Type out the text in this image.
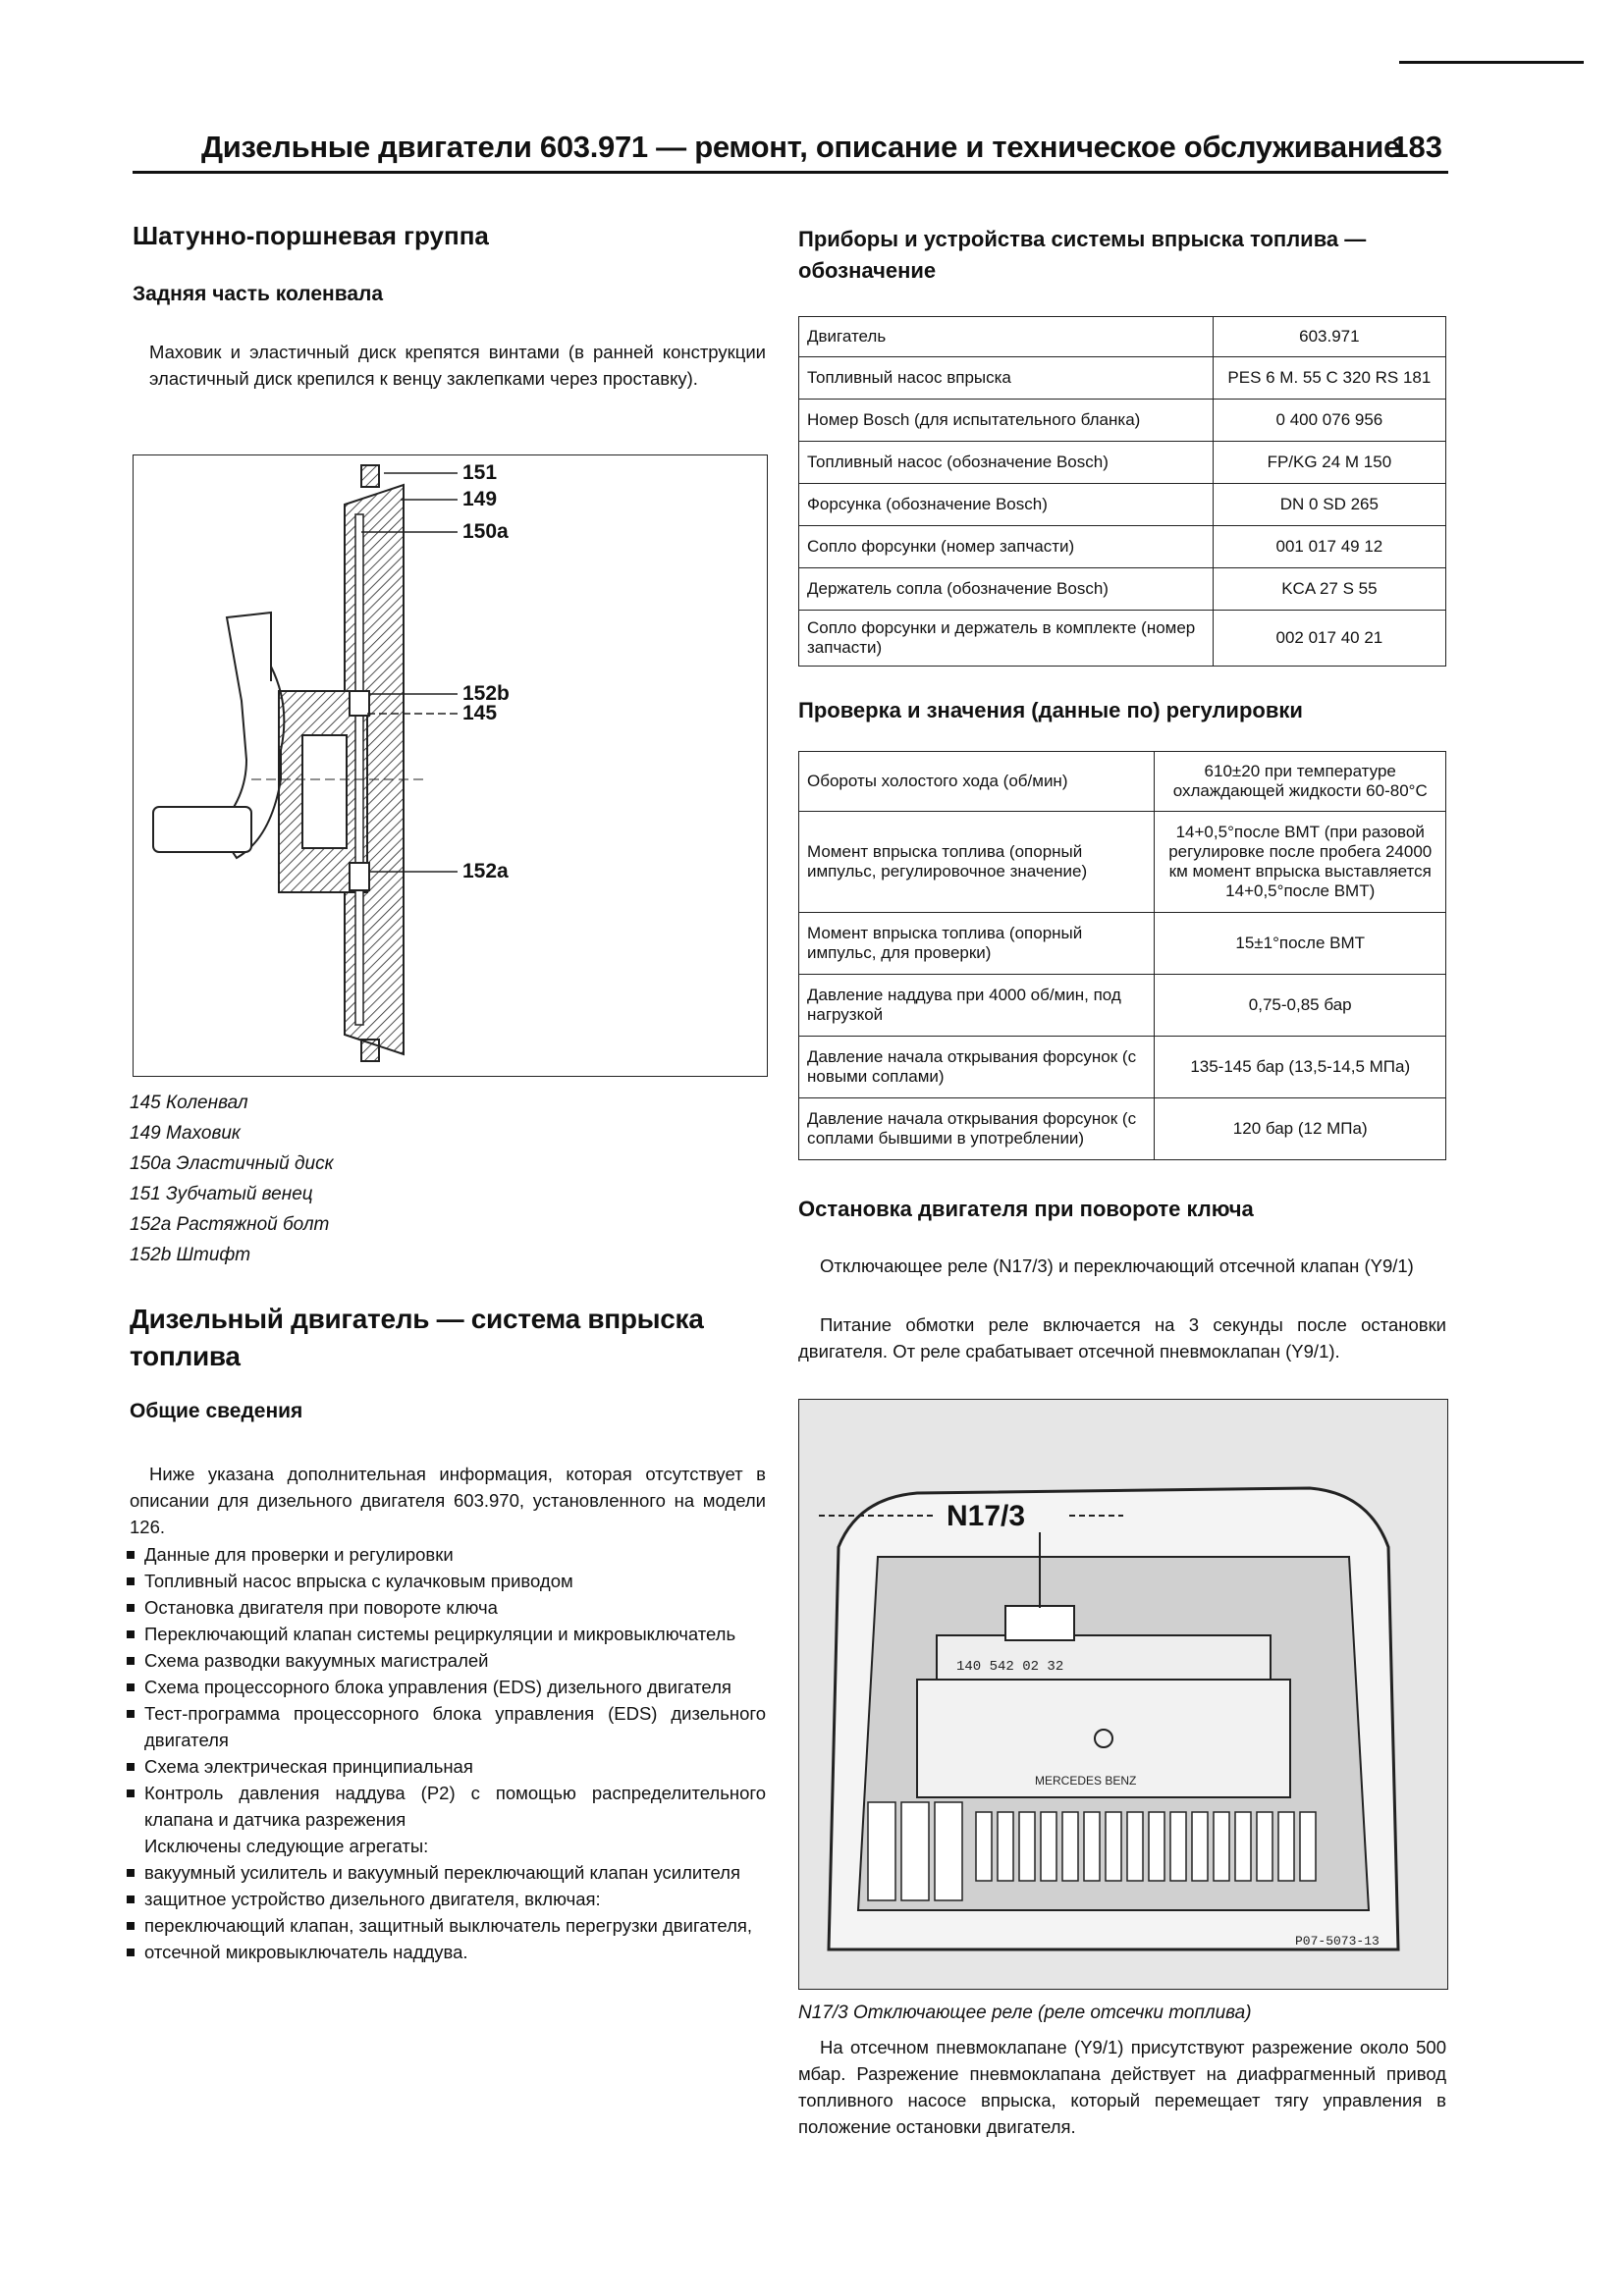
Дизельные двигатели 603.971 — ремонт, описание и техническое обслуживание
183
Шатунно-поршневая группа
Задняя часть коленвала
Маховик и эластичный диск крепятся винтами (в ранней конструкции эластичный диск крепился к венцу заклепками через проставку).
151
149
150a
152b
145
152a
145 Коленвал
149 Маховик
150a Эластичный диск
151 Зубчатый венец
152a Растяжной болт
152b Штифт
Дизельный двигатель — система впрыска топлива
Общие сведения
Ниже указана дополнительная информация, которая отсутствует в описании для дизельного двигателя 603.970, установленного на модели 126.
Данные для проверки и регулировки
Топливный насос впрыска с кулачковым приводом
Остановка двигателя при повороте ключа
Переключающий клапан системы рециркуляции и микровыключатель
Схема разводки вакуумных магистралей
Схема процессорного блока управления (EDS) дизельного двигателя
Тест-программа процессорного блока управления (EDS) дизельного двигателя
Схема электрическая принципиальная
Контроль давления наддува (P2) с помощью распределительного клапана и датчика разрежения
Исключены следующие агрегаты:
вакуумный усилитель и вакуумный переключающий клапан усилителя
защитное устройство дизельного двигателя, включая:
переключающий клапан, защитный выключатель перегрузки двигателя,
отсечной микровыключатель наддува.
Приборы и устройства системы впрыска топлива — обозначение
Двигатель	603.971
Топливный насос впрыска	PES 6 M. 55 C 320 RS 181
Номер Bosch (для испытательного бланка)	0 400 076 956
Топливный насос (обозначение Bosch)	FP/KG 24 M 150
Форсунка (обозначение Bosch)	DN 0 SD 265
Сопло форсунки (номер запчасти)	001 017 49 12
Держатель сопла (обозначение Bosch)	KCA 27 S 55
Сопло форсунки и держатель в комплекте (номер запчасти)	002 017 40 21
Проверка и значения (данные по) регулировки
Обороты холостого хода (об/мин)	610±20 при температуре охлаждающей жидкости 60-80°C
Момент впрыска топлива (опорный импульс, регулировочное значение)	14+0,5°после ВМТ (при разовой регулировке после пробега 24000 км момент впрыска выставляется 14+0,5°после ВМТ)
Момент впрыска топлива (опорный импульс, для проверки)	15±1°после ВМТ
Давление наддува при 4000 об/мин, под нагрузкой	0,75-0,85 бар
Давление начала открывания форсунок (с новыми соплами)	135-145 бар (13,5-14,5 МПа)
Давление начала открывания форсунок (с соплами бывшими в употреблении)	120 бар (12 МПа)
Остановка двигателя при повороте ключа
Отключающее реле (N17/3) и переключающий отсечной клапан (Y9/1)
Питание обмотки реле включается на 3 секунды после остановки двигателя. От реле срабатывает отсечной пневмоклапан (Y9/1).
N17/3
140 542 02 32
MERCEDES BENZ
P07-5073-13
N17/3 Отключающее реле (реле отсечки топлива)
На отсечном пневмоклапане (Y9/1) присутствуют разрежение около 500 мбар. Разрежение пневмоклапана действует на диафрагменный привод топливного насосе впрыска, который перемещает тягу управления в положение остановки двигателя.
